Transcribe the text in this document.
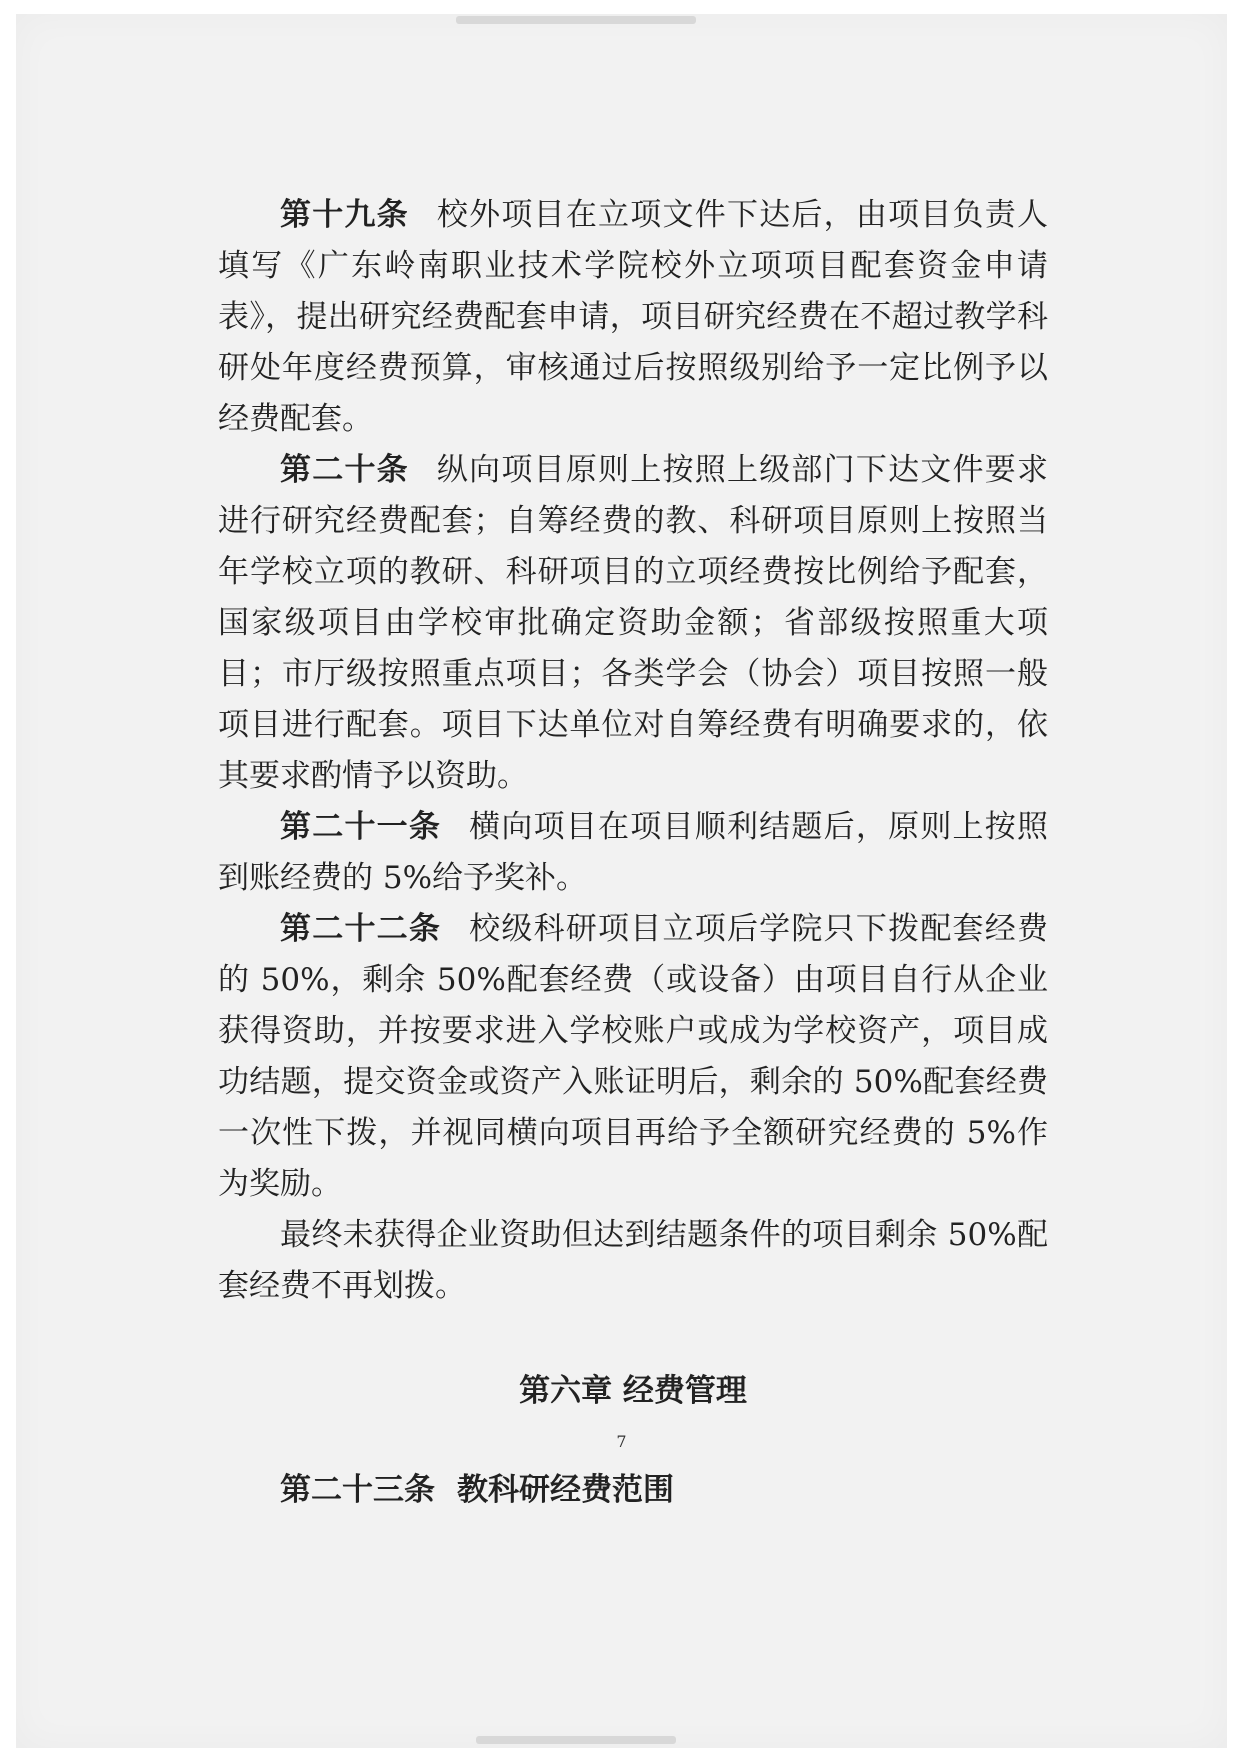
第十九条 校外项目在立项文件下达后，由项目负责人填写《广东岭南职业技术学院校外立项项目配套资金申请表》，提出研究经费配套申请，项目研究经费在不超过教学科研处年度经费预算，审核通过后按照级别给予一定比例予以经费配套。

第二十条 纵向项目原则上按照上级部门下达文件要求进行研究经费配套；自筹经费的教、科研项目原则上按照当年学校立项的教研、科研项目的立项经费按比例给予配套，国家级项目由学校审批确定资助金额；省部级按照重大项目；市厅级按照重点项目；各类学会（协会）项目按照一般项目进行配套。项目下达单位对自筹经费有明确要求的，依其要求酌情予以资助。

第二十一条 横向项目在项目顺利结题后，原则上按照到账经费的 5%给予奖补。

第二十二条 校级科研项目立项后学院只下拨配套经费的 50%，剩余 50%配套经费（或设备）由项目自行从企业获得资助，并按要求进入学校账户或成为学校资产，项目成功结题，提交资金或资产入账证明后，剩余的 50%配套经费一次性下拨，并视同横向项目再给予全额研究经费的 5%作为奖励。

最终未获得企业资助但达到结题条件的项目剩余 50%配套经费不再划拨。

第六章 经费管理

第二十三条 教科研经费范围

7
